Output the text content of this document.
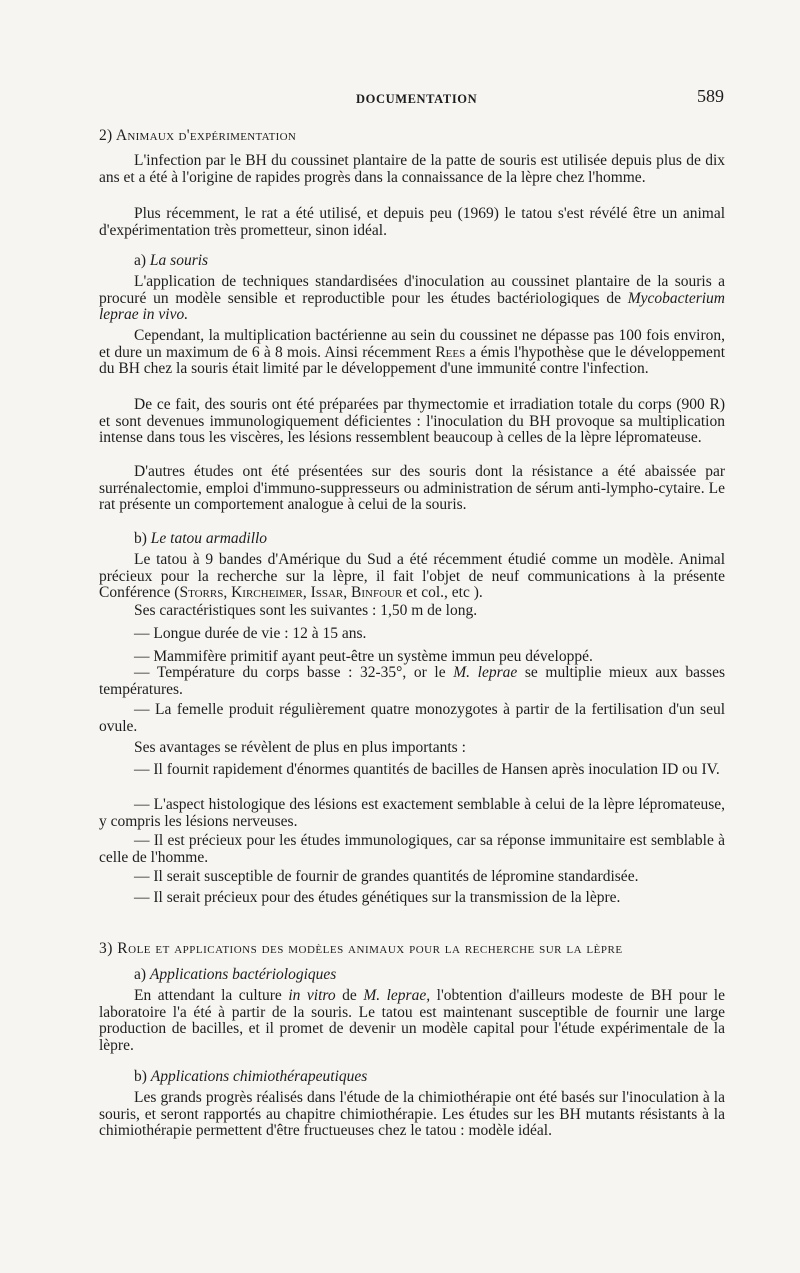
DOCUMENTATION	589
2) Animaux d'expérimentation

L'infection par le BH du coussinet plantaire de la patte de souris est utilisée depuis plus de dix ans et a été à l'origine de rapides progrès dans la connaissance de la lèpre chez l'homme.

Plus récemment, le rat a été utilisé, et depuis peu (1969) le tatou s'est révélé être un animal d'expérimentation très prometteur, sinon idéal.

a) La souris

L'application de techniques standardisées d'inoculation au coussinet plantaire de la souris a procuré un modèle sensible et reproductible pour les études bactériologiques de Mycobacterium leprae in vivo.

Cependant, la multiplication bactérienne au sein du coussinet ne dépasse pas 100 fois environ, et dure un maximum de 6 à 8 mois. Ainsi récemment Rees a émis l'hypothèse que le développement du BH chez la souris était limité par le développement d'une immunité contre l'infection.

De ce fait, des souris ont été préparées par thymectomie et irradiation totale du corps (900 R) et sont devenues immunologiquement déficientes : l'inoculation du BH provoque sa multiplication intense dans tous les viscères, les lésions ressemblent beaucoup à celles de la lèpre lépromateuse.

D'autres études ont été présentées sur des souris dont la résistance a été abaissée par surrénalectomie, emploi d'immuno-suppresseurs ou administration de sérum anti-lympho-cytaire. Le rat présente un comportement analogue à celui de la souris.

b) Le tatou armadillo

Le tatou à 9 bandes d'Amérique du Sud a été récemment étudié comme un modèle. Animal précieux pour la recherche sur la lèpre, il fait l'objet de neuf communications à la présente Conférence (Storrs, Kircheimer, Issar, Binfour et col., etc ).

Ses caractéristiques sont les suivantes : 1,50 m de long.

— Longue durée de vie : 12 à 15 ans.

— Mammifère primitif ayant peut-être un système immun peu développé.

— Température du corps basse : 32-35°, or le M. leprae se multiplie mieux aux basses températures.

— La femelle produit régulièrement quatre monozygotes à partir de la fertilisation d'un seul ovule.

Ses avantages se révèlent de plus en plus importants :

— Il fournit rapidement d'énormes quantités de bacilles de Hansen après inoculation ID ou IV.

— L'aspect histologique des lésions est exactement semblable à celui de la lèpre lépromateuse, y compris les lésions nerveuses.

— Il est précieux pour les études immunologiques, car sa réponse immunitaire est semblable à celle de l'homme.

— Il serait susceptible de fournir de grandes quantités de lépromine standardisée.

— Il serait précieux pour des études génétiques sur la transmission de la lèpre.

3) Role et applications des modèles animaux pour la recherche sur la lèpre
a) Applications bactériologiques

En attendant la culture in vitro de M. leprae, l'obtention d'ailleurs modeste de BH pour le laboratoire l'a été à partir de la souris. Le tatou est maintenant susceptible de fournir une large production de bacilles, et il promet de devenir un modèle capital pour l'étude expérimentale de la lèpre.

b) Applications chimiothérapeutiques

Les grands progrès réalisés dans l'étude de la chimiothérapie ont été basés sur l'inoculation à la souris, et seront rapportés au chapitre chimiothérapie. Les études sur les BH mutants résistants à la chimiothérapie permettent d'être fructueuses chez le tatou : modèle idéal.
